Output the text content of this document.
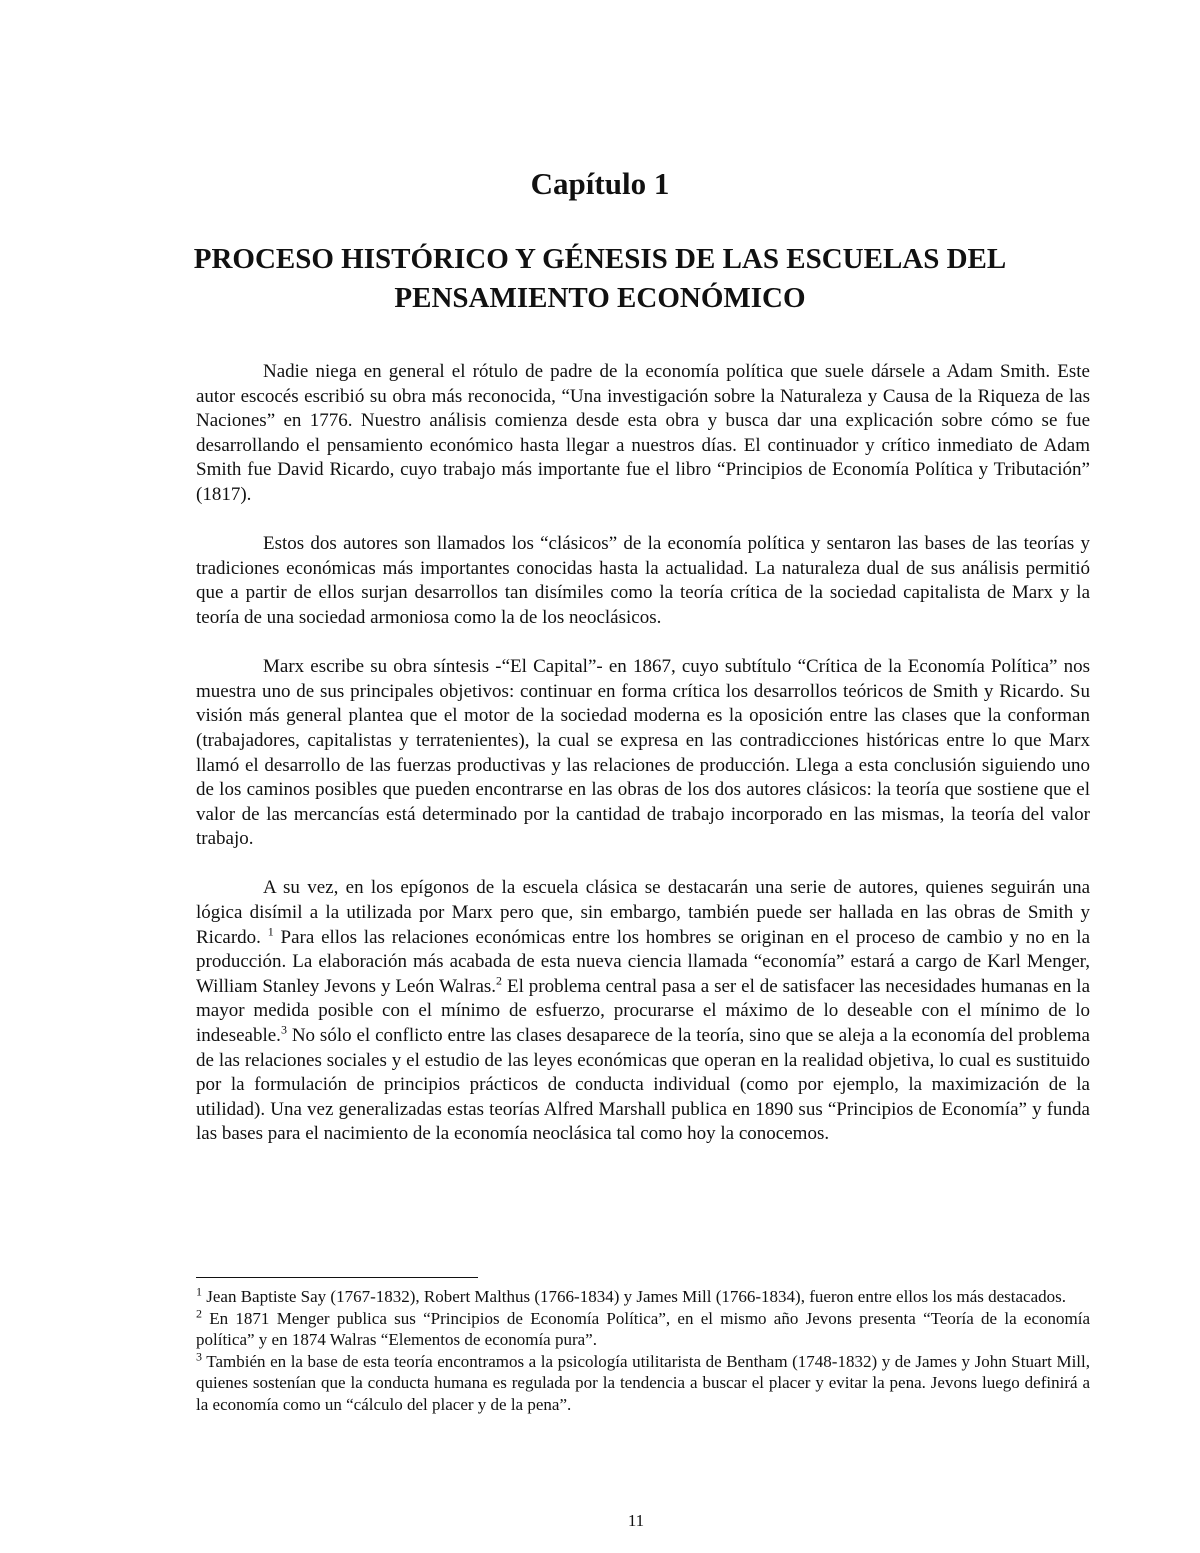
Capítulo 1
PROCESO HISTÓRICO Y GÉNESIS DE LAS ESCUELAS DEL
PENSAMIENTO ECONÓMICO

Nadie niega en general el rótulo de padre de la economía política que suele dársele a Adam Smith. Este autor escocés escribió su obra más reconocida, “Una investigación sobre la Naturaleza y Causa de la Riqueza de las Naciones” en 1776. Nuestro análisis comienza desde esta obra y busca dar una explicación sobre cómo se fue desarrollando el pensamiento económico hasta llegar a nuestros días. El continuador y crítico inmediato de Adam Smith fue David Ricardo, cuyo trabajo más importante fue el libro “Principios de Economía Política y Tributación” (1817).

Estos dos autores son llamados los “clásicos” de la economía política y sentaron las bases de las teorías y tradiciones económicas más importantes conocidas hasta la actualidad. La naturaleza dual de sus análisis permitió que a partir de ellos surjan desarrollos tan disímiles como la teoría crítica de la sociedad capitalista de Marx y la teoría de una sociedad armoniosa como la de los neoclásicos.

Marx escribe su obra síntesis -“El Capital”- en 1867, cuyo subtítulo “Crítica de la Economía Política” nos muestra uno de sus principales objetivos: continuar en forma crítica los desarrollos teóricos de Smith y Ricardo. Su visión más general plantea que el motor de la sociedad moderna es la oposición entre las clases que la conforman (trabajadores, capitalistas y terratenientes), la cual se expresa en las contradicciones históricas entre lo que Marx llamó el desarrollo de las fuerzas productivas y las relaciones de producción. Llega a esta conclusión siguiendo uno de los caminos posibles que pueden encontrarse en las obras de los dos autores clásicos: la teoría que sostiene que el valor de las mercancías está determinado por la cantidad de trabajo incorporado en las mismas, la teoría del valor trabajo.

A su vez, en los epígonos de la escuela clásica se destacarán una serie de autores, quienes seguirán una lógica disímil a la utilizada por Marx pero que, sin embargo, también puede ser hallada en las obras de Smith y Ricardo. $^1$ Para ellos las relaciones económicas entre los hombres se originan en el proceso de cambio y no en la producción. La elaboración más acabada de esta nueva ciencia llamada “economía” estará a cargo de Karl Menger, William Stanley Jevons y León Walras.$^2$ El problema central pasa a ser el de satisfacer las necesidades humanas en la mayor medida posible con el mínimo de esfuerzo, procurarse el máximo de lo deseable con el mínimo de lo indeseable.$^3$ No sólo el conflicto entre las clases desaparece de la teoría, sino que se aleja a la economía del problema de las relaciones sociales y el estudio de las leyes económicas que operan en la realidad objetiva, lo cual es sustituido por la formulación de principios prácticos de conducta individual (como por ejemplo, la maximización de la utilidad). Una vez generalizadas estas teorías Alfred Marshall publica en 1890 sus “Principios de Economía” y funda las bases para el nacimiento de la economía neoclásica tal como hoy la conocemos.

$^1$ Jean Baptiste Say (1767-1832), Robert Malthus (1766-1834) y James Mill (1766-1834), fueron entre ellos los más destacados.

$^2$ En 1871 Menger publica sus “Principios de Economía Política”, en el mismo año Jevons presenta “Teoría de la economía política” y en 1874 Walras “Elementos de economía pura”.

$^3$ También en la base de esta teoría encontramos a la psicología utilitarista de Bentham (1748-1832) y de James y John Stuart Mill, quienes sostenían que la conducta humana es regulada por la tendencia a buscar el placer y evitar la pena. Jevons luego definirá a la economía como un “cálculo del placer y de la pena”.

11
